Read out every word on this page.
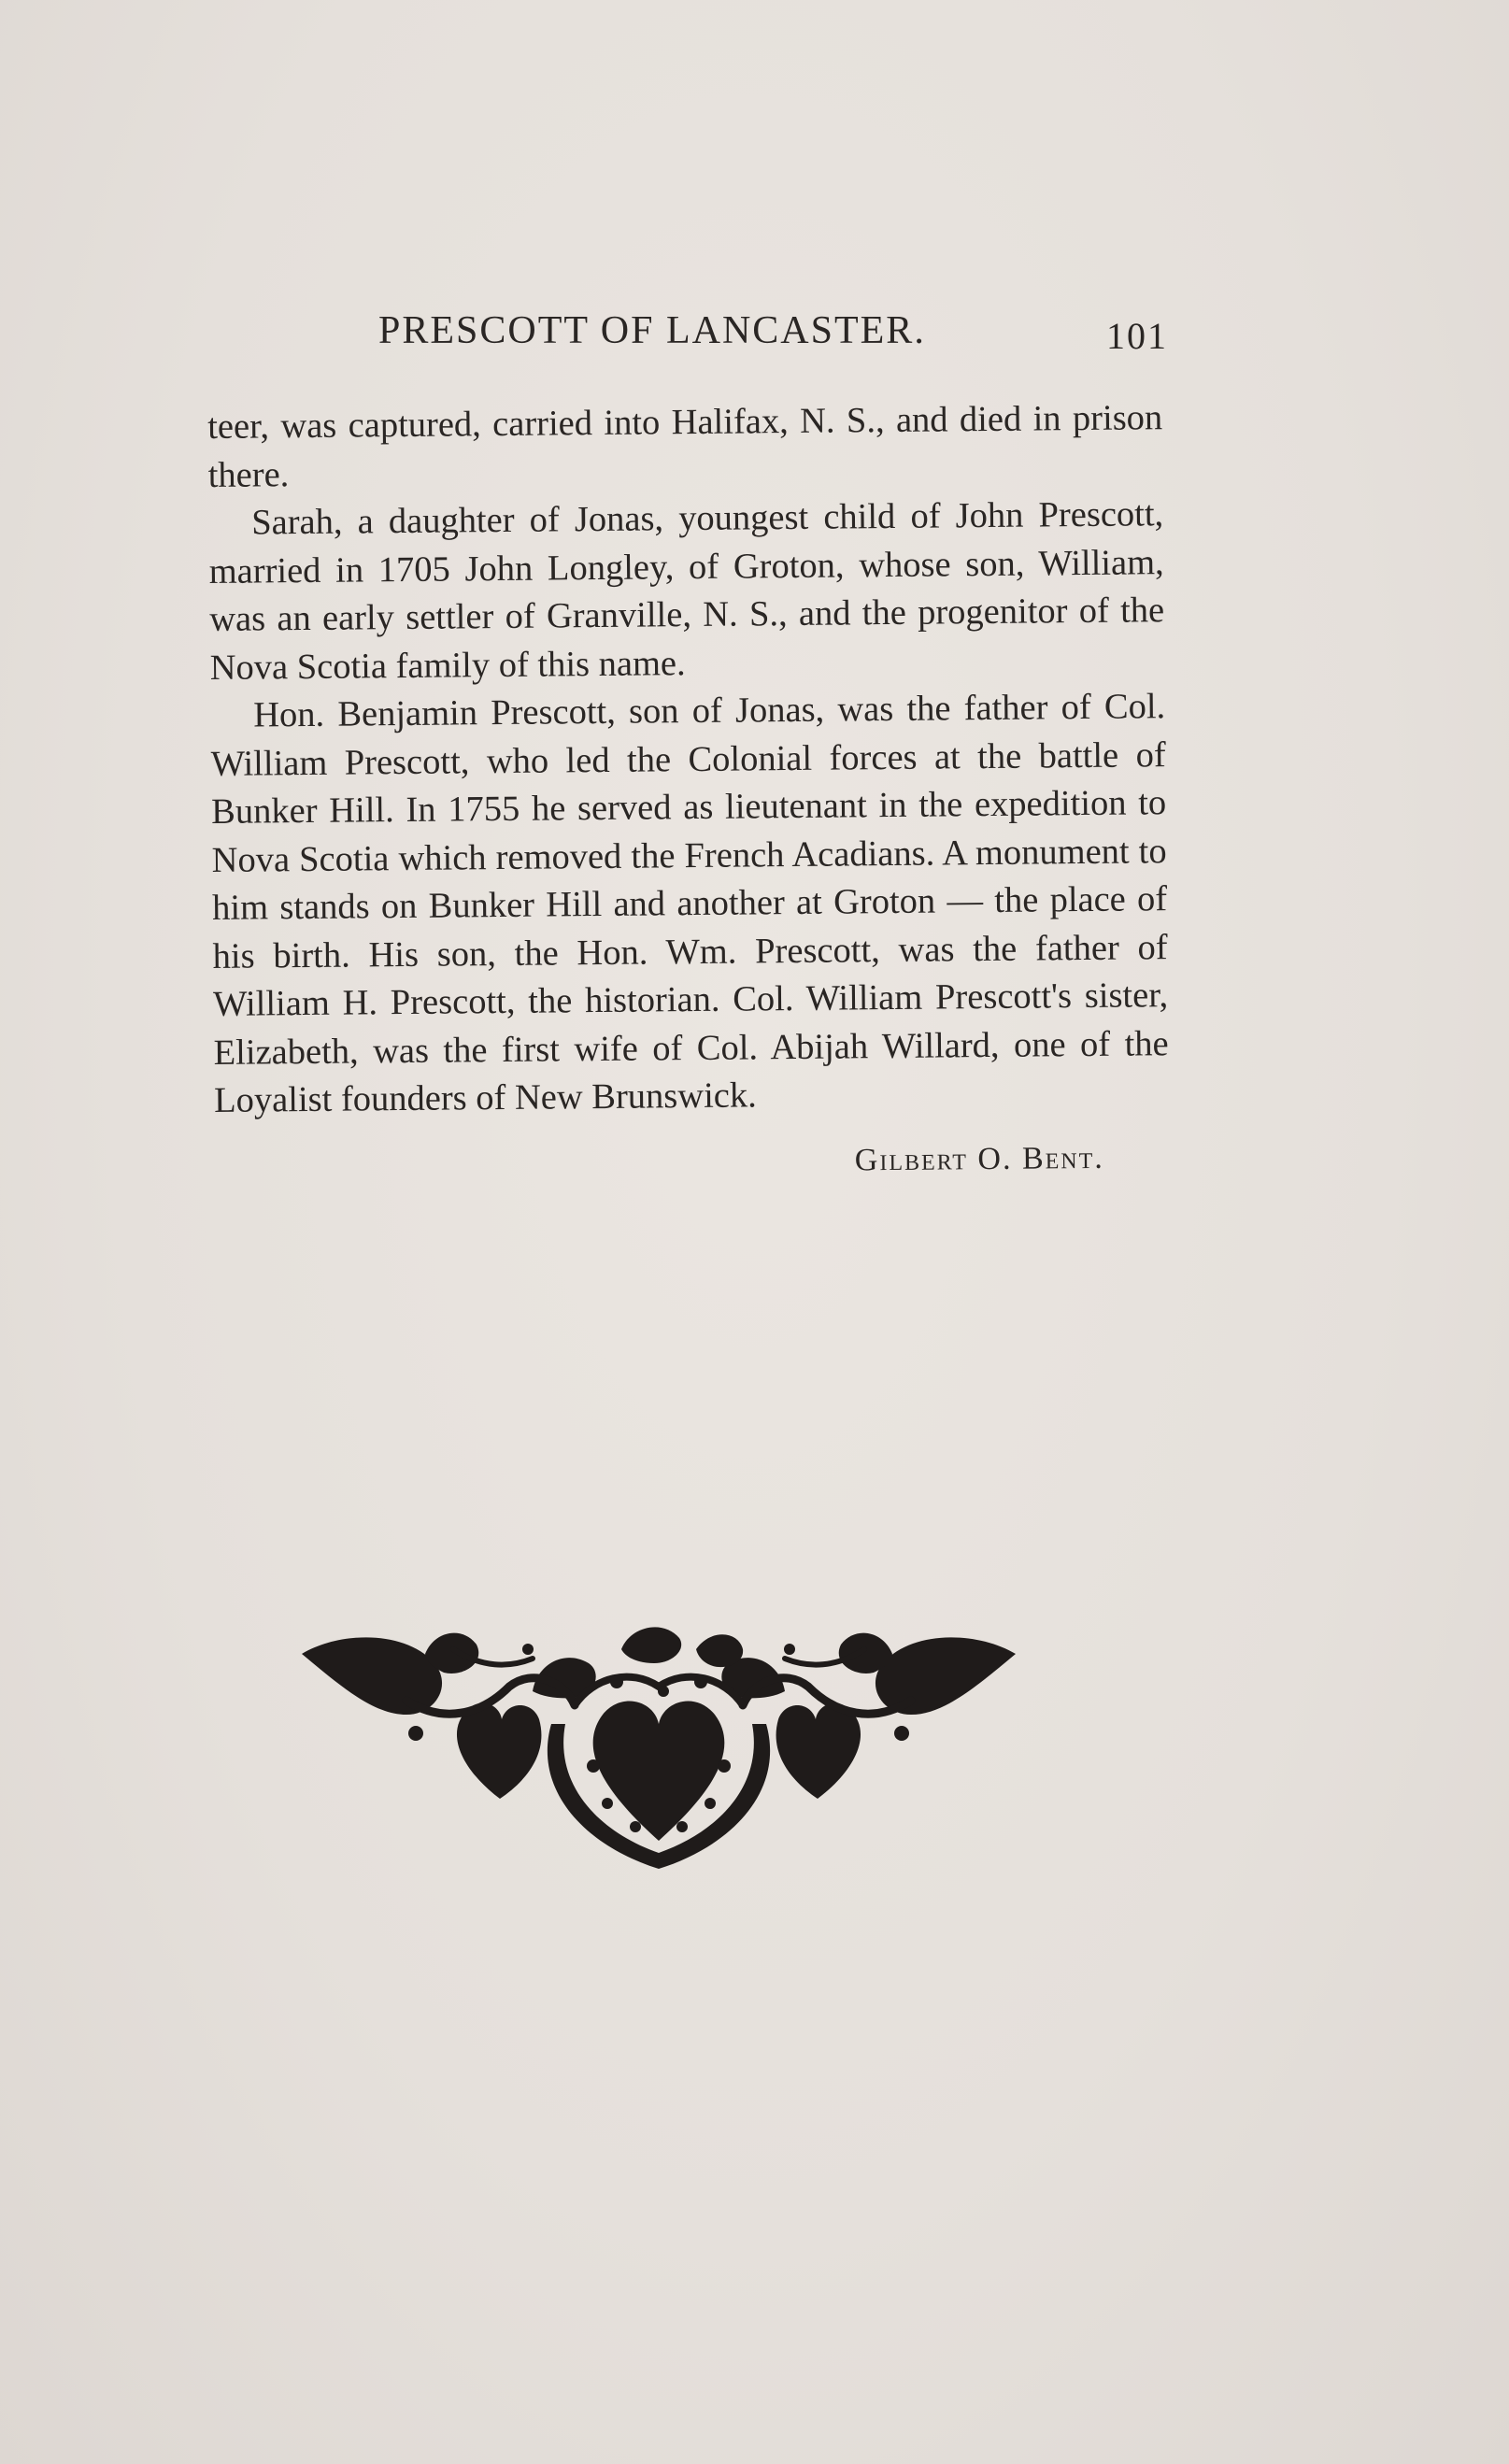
PRESCOTT OF LANCASTER.	101

teer, was captured, carried into Halifax, N. S., and died in prison there.

Sarah, a daughter of Jonas, youngest child of John Prescott, married in 1705 John Longley, of Groton, whose son, William, was an early settler of Granville, N. S., and the progenitor of the Nova Scotia family of this name.

Hon. Benjamin Prescott, son of Jonas, was the father of Col. William Prescott, who led the Colonial forces at the battle of Bunker Hill. In 1755 he served as lieutenant in the expedition to Nova Scotia which removed the French Acadians. A monument to him stands on Bunker Hill and another at Groton — the place of his birth. His son, the Hon. Wm. Prescott, was the father of William H. Prescott, the historian. Col. William Prescott's sister, Elizabeth, was the first wife of Col. Abijah Willard, one of the Loyalist founders of New Brunswick.

Gilbert O. Bent.
